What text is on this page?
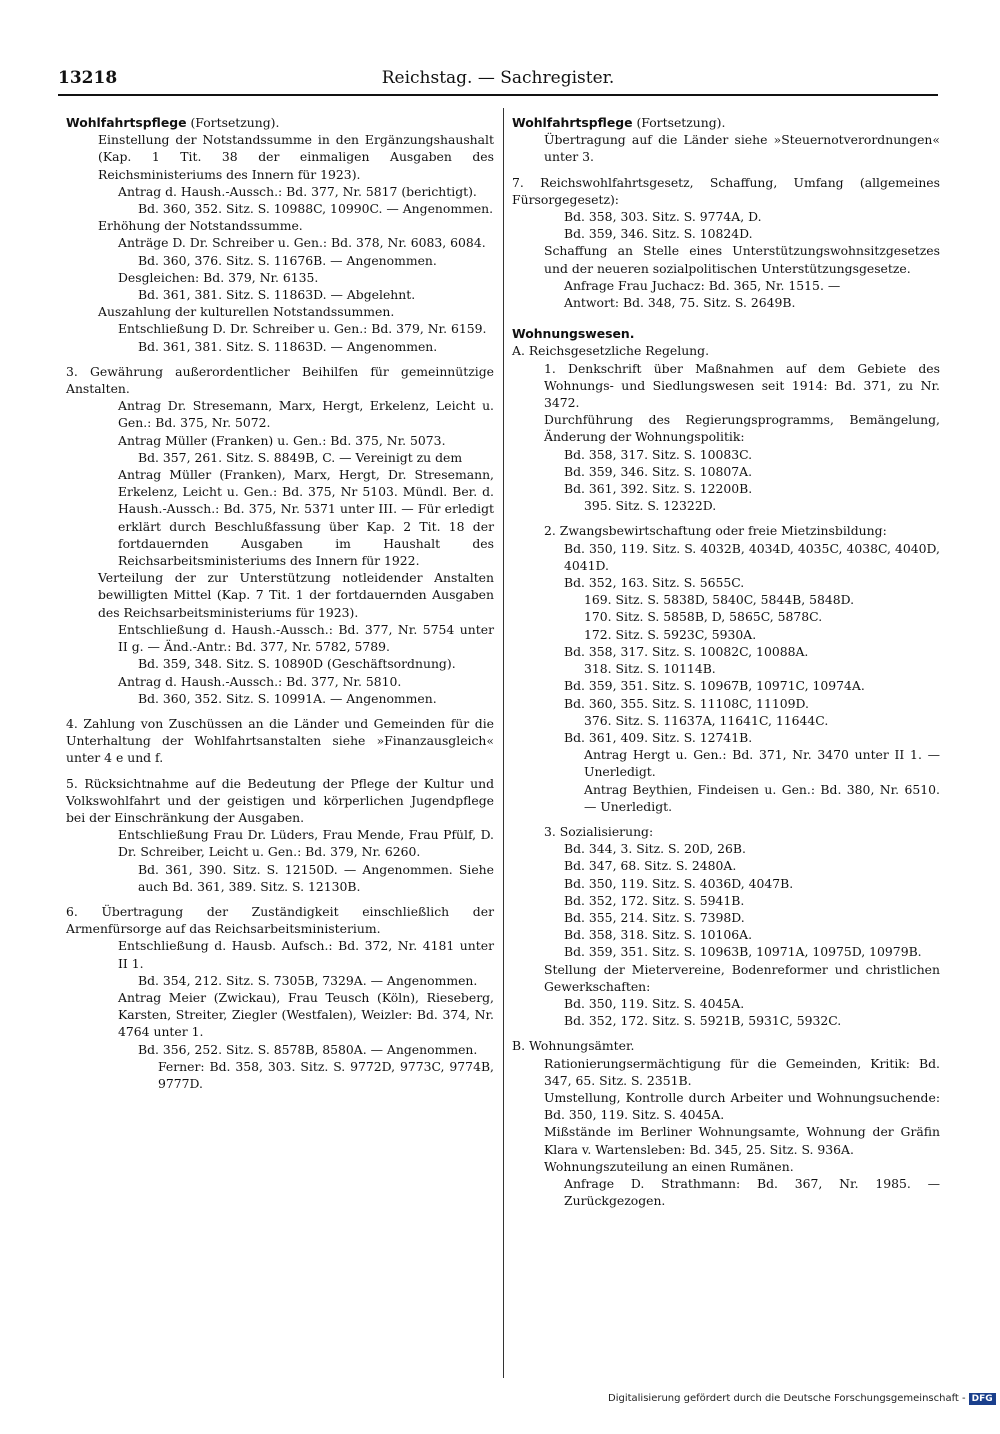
13218	Reichstag. — Sachregister.

Wohlfahrtspflege (Fortsetzung).

Einstellung der Notstandssumme in den Ergänzungshaushalt (Kap. 1 Tit. 38 der einmaligen Ausgaben des Reichsministeriums des Innern für 1923).

Antrag d. Haush.-Aussch.: Bd. 377, Nr. 5817 (berichtigt).

Bd. 360, 352. Sitz. S. 10988C, 10990C. — Angenommen.

Erhöhung der Notstandssumme.

Anträge D. Dr. Schreiber u. Gen.: Bd. 378, Nr. 6083, 6084.

Bd. 360, 376. Sitz. S. 11676B. — Angenommen.

Desgleichen: Bd. 379, Nr. 6135.

Bd. 361, 381. Sitz. S. 11863D. — Abgelehnt.

Auszahlung der kulturellen Notstandssummen.

Entschließung D. Dr. Schreiber u. Gen.: Bd. 379, Nr. 6159.

Bd. 361, 381. Sitz. S. 11863D. — Angenommen.

3. Gewährung außerordentlicher Beihilfen für gemeinnützige Anstalten.

Antrag Dr. Stresemann, Marx, Hergt, Erkelenz, Leicht u. Gen.: Bd. 375, Nr. 5072.

Antrag Müller (Franken) u. Gen.: Bd. 375, Nr. 5073.

Bd. 357, 261. Sitz. S. 8849B, C. — Vereinigt zu dem

Antrag Müller (Franken), Marx, Hergt, Dr. Stresemann, Erkelenz, Leicht u. Gen.: Bd. 375, Nr 5103. Mündl. Ber. d. Haush.-Aussch.: Bd. 375, Nr. 5371 unter III. — Für erledigt erklärt durch Beschlußfassung über Kap. 2 Tit. 18 der fortdauernden Ausgaben im Haushalt des Reichsarbeitsministeriums des Innern für 1922.

Verteilung der zur Unterstützung notleidender Anstalten bewilligten Mittel (Kap. 7 Tit. 1 der fortdauernden Ausgaben des Reichsarbeitsministeriums für 1923).

Entschließung d. Haush.-Aussch.: Bd. 377, Nr. 5754 unter II g. — Änd.-Antr.: Bd. 377, Nr. 5782, 5789.

Bd. 359, 348. Sitz. S. 10890D (Geschäftsordnung).

Antrag d. Haush.-Aussch.: Bd. 377, Nr. 5810.

Bd. 360, 352. Sitz. S. 10991A. — Angenommen.

4. Zahlung von Zuschüssen an die Länder und Gemeinden für die Unterhaltung der Wohlfahrtsanstalten siehe »Finanzausgleich« unter 4 e und f.

5. Rücksichtnahme auf die Bedeutung der Pflege der Kultur und Volkswohlfahrt und der geistigen und körperlichen Jugendpflege bei der Einschränkung der Ausgaben.

Entschließung Frau Dr. Lüders, Frau Mende, Frau Pfülf, D. Dr. Schreiber, Leicht u. Gen.: Bd. 379, Nr. 6260.

Bd. 361, 390. Sitz. S. 12150D. — Angenommen. Siehe auch Bd. 361, 389. Sitz. S. 12130B.

6. Übertragung der Zuständigkeit einschließlich der Armenfürsorge auf das Reichsarbeitsministerium.

Entschließung d. Hausb. Aufsch.: Bd. 372, Nr. 4181 unter II 1.

Bd. 354, 212. Sitz. S. 7305B, 7329A. — Angenommen.

Antrag Meier (Zwickau), Frau Teusch (Köln), Rieseberg, Karsten, Streiter, Ziegler (Westfalen), Weizler: Bd. 374, Nr. 4764 unter 1.

Bd. 356, 252. Sitz. S. 8578B, 8580A. — Angenommen.

Ferner: Bd. 358, 303. Sitz. S. 9772D, 9773C, 9774B, 9777D.

Wohlfahrtspflege (Fortsetzung).

Übertragung auf die Länder siehe »Steuernotverordnungen« unter 3.

7. Reichswohlfahrtsgesetz, Schaffung, Umfang (allgemeines Fürsorgegesetz):

Bd. 358, 303. Sitz. S. 9774A, D.

Bd. 359, 346. Sitz. S. 10824D.

Schaffung an Stelle eines Unterstützungswohnsitzgesetzes und der neueren sozialpolitischen Unterstützungsgesetze.

Anfrage Frau Juchacz: Bd. 365, Nr. 1515. —

Antwort: Bd. 348, 75. Sitz. S. 2649B.

Wohnungswesen.

A. Reichsgesetzliche Regelung.

1. Denkschrift über Maßnahmen auf dem Gebiete des Wohnungs- und Siedlungswesen seit 1914: Bd. 371, zu Nr. 3472.

Durchführung des Regierungsprogramms, Bemängelung, Änderung der Wohnungspolitik:

Bd. 358, 317. Sitz. S. 10083C.

Bd. 359, 346. Sitz. S. 10807A.

Bd. 361, 392. Sitz. S. 12200B.

395. Sitz. S. 12322D.

2. Zwangsbewirtschaftung oder freie Mietzinsbildung:

Bd. 350, 119. Sitz. S. 4032B, 4034D, 4035C, 4038C, 4040D, 4041D.

Bd. 352, 163. Sitz. S. 5655C.

169. Sitz. S. 5838D, 5840C, 5844B, 5848D.

170. Sitz. S. 5858B, D, 5865C, 5878C.

172. Sitz. S. 5923C, 5930A.

Bd. 358, 317. Sitz. S. 10082C, 10088A.

318. Sitz. S. 10114B.

Bd. 359, 351. Sitz. S. 10967B, 10971C, 10974A.

Bd. 360, 355. Sitz. S. 11108C, 11109D.

376. Sitz. S. 11637A, 11641C, 11644C.

Bd. 361, 409. Sitz. S. 12741B.

Antrag Hergt u. Gen.: Bd. 371, Nr. 3470 unter II 1. — Unerledigt.

Antrag Beythien, Findeisen u. Gen.: Bd. 380, Nr. 6510. — Unerledigt.

3. Sozialisierung:

Bd. 344, 3. Sitz. S. 20D, 26B.

Bd. 347, 68. Sitz. S. 2480A.

Bd. 350, 119. Sitz. S. 4036D, 4047B.

Bd. 352, 172. Sitz. S. 5941B.

Bd. 355, 214. Sitz. S. 7398D.

Bd. 358, 318. Sitz. S. 10106A.

Bd. 359, 351. Sitz. S. 10963B, 10971A, 10975D, 10979B.

Stellung der Mietervereine, Bodenreformer und christlichen Gewerkschaften:

Bd. 350, 119. Sitz. S. 4045A.

Bd. 352, 172. Sitz. S. 5921B, 5931C, 5932C.

B. Wohnungsämter.

Rationierungsermächtigung für die Gemeinden, Kritik: Bd. 347, 65. Sitz. S. 2351B.

Umstellung, Kontrolle durch Arbeiter und Wohnungsuchende: Bd. 350, 119. Sitz. S. 4045A.

Mißstände im Berliner Wohnungsamte, Wohnung der Gräfin Klara v. Wartensleben: Bd. 345, 25. Sitz. S. 936A.

Wohnungszuteilung an einen Rumänen.

Anfrage D. Strathmann: Bd. 367, Nr. 1985. — Zurückgezogen.

Digitalisierung gefördert durch die Deutsche Forschungsgemeinschaft - DFG
